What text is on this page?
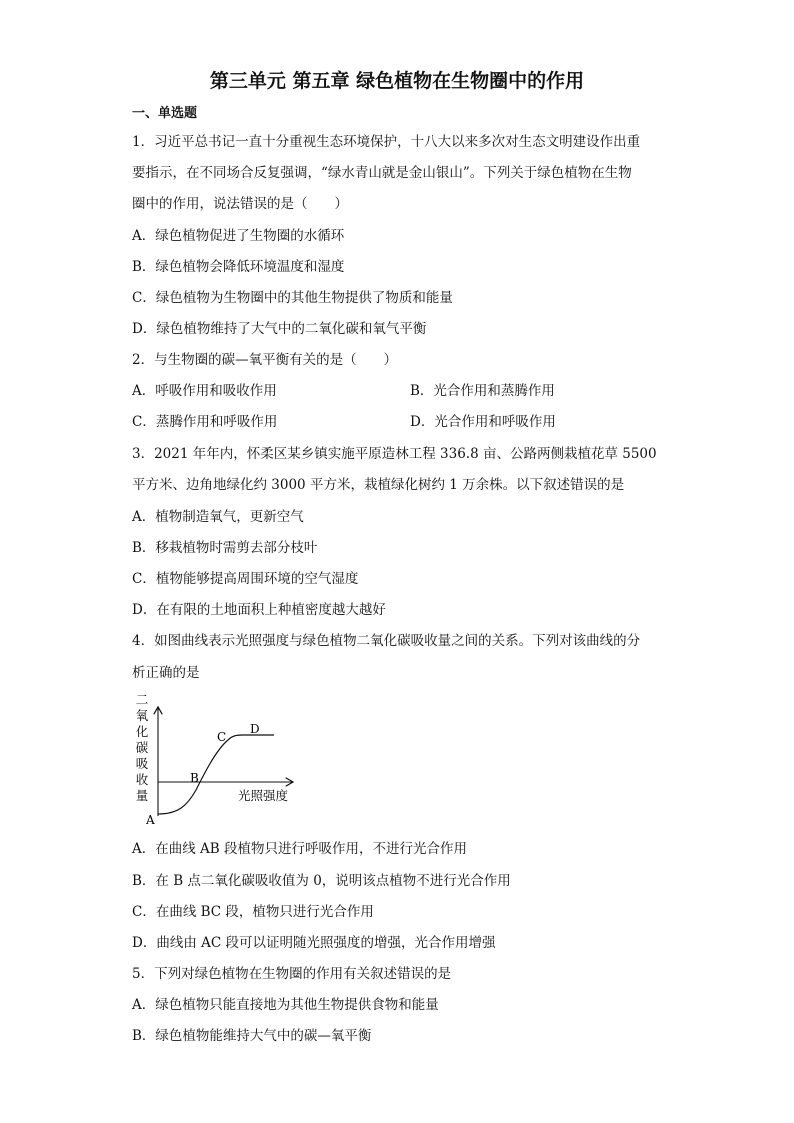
第三单元 第五章 绿色植物在生物圈中的作用
一、单选题
1．习近平总书记一直十分重视生态环境保护，十八大以来多次对生态文明建设作出重
要指示，在不同场合反复强调，“绿水青山就是金山银山”。下列关于绿色植物在生物
圈中的作用，说法错误的是（　　）
A．绿色植物促进了生物圈的水循环
B．绿色植物会降低环境温度和湿度
C．绿色植物为生物圈中的其他生物提供了物质和能量
D．绿色植物维持了大气中的二氧化碳和氧气平衡
2．与生物圈的碳—氧平衡有关的是（　　）
A．呼吸作用和吸收作用	B．光合作用和蒸腾作用
C．蒸腾作用和呼吸作用	D．光合作用和呼吸作用
3．2021 年年内，怀柔区某乡镇实施平原造林工程 336.8 亩、公路两侧栽植花草 5500
平方米、边角地绿化约 3000 平方米，栽植绿化树约 1 万余株。以下叙述错误的是
A．植物制造氧气，更新空气
B．移栽植物时需剪去部分枝叶
C．植物能够提高周围环境的空气湿度
D．在有限的土地面积上种植密度越大越好
4．如图曲线表示光照强度与绿色植物二氧化碳吸收量之间的关系。下列对该曲线的分
析正确的是
二
氧
化
碳
吸
收
量
A
B
C
D
光照强度
A．在曲线 AB 段植物只进行呼吸作用，不进行光合作用
B．在 B 点二氧化碳吸收值为 0，说明该点植物不进行光合作用
C．在曲线 BC 段，植物只进行光合作用
D．曲线由 AC 段可以证明随光照强度的增强，光合作用增强
5．下列对绿色植物在生物圈的作用有关叙述错误的是
A．绿色植物只能直接地为其他生物提供食物和能量
B．绿色植物能维持大气中的碳—氧平衡
